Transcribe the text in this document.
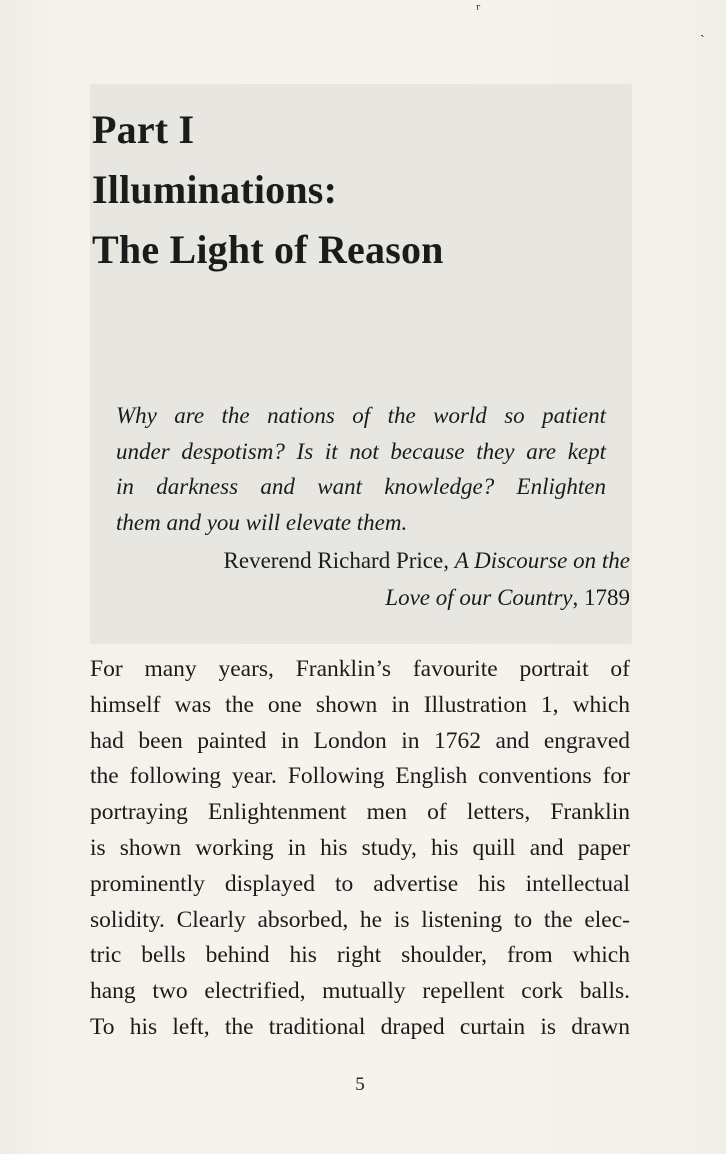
ʳ
ˏ
Part I
Illuminations:
The Light of Reason
Why are the nations of the world so patient
under despotism? Is it not because they are kept
in darkness and want knowledge? Enlighten
them and you will elevate them.
Reverend Richard Price, A Discourse on the
Love of our Country, 1789
For many years, Franklin’s favourite portrait of
himself was the one shown in Illustration 1, which
had been painted in London in 1762 and engraved
the following year. Following English conventions for
portraying Enlightenment men of letters, Franklin
is shown working in his study, his quill and paper
prominently displayed to advertise his intellectual
solidity. Clearly absorbed, he is listening to the elec-
tric bells behind his right shoulder, from which
hang two electrified, mutually repellent cork balls.
To his left, the traditional draped curtain is drawn
5
